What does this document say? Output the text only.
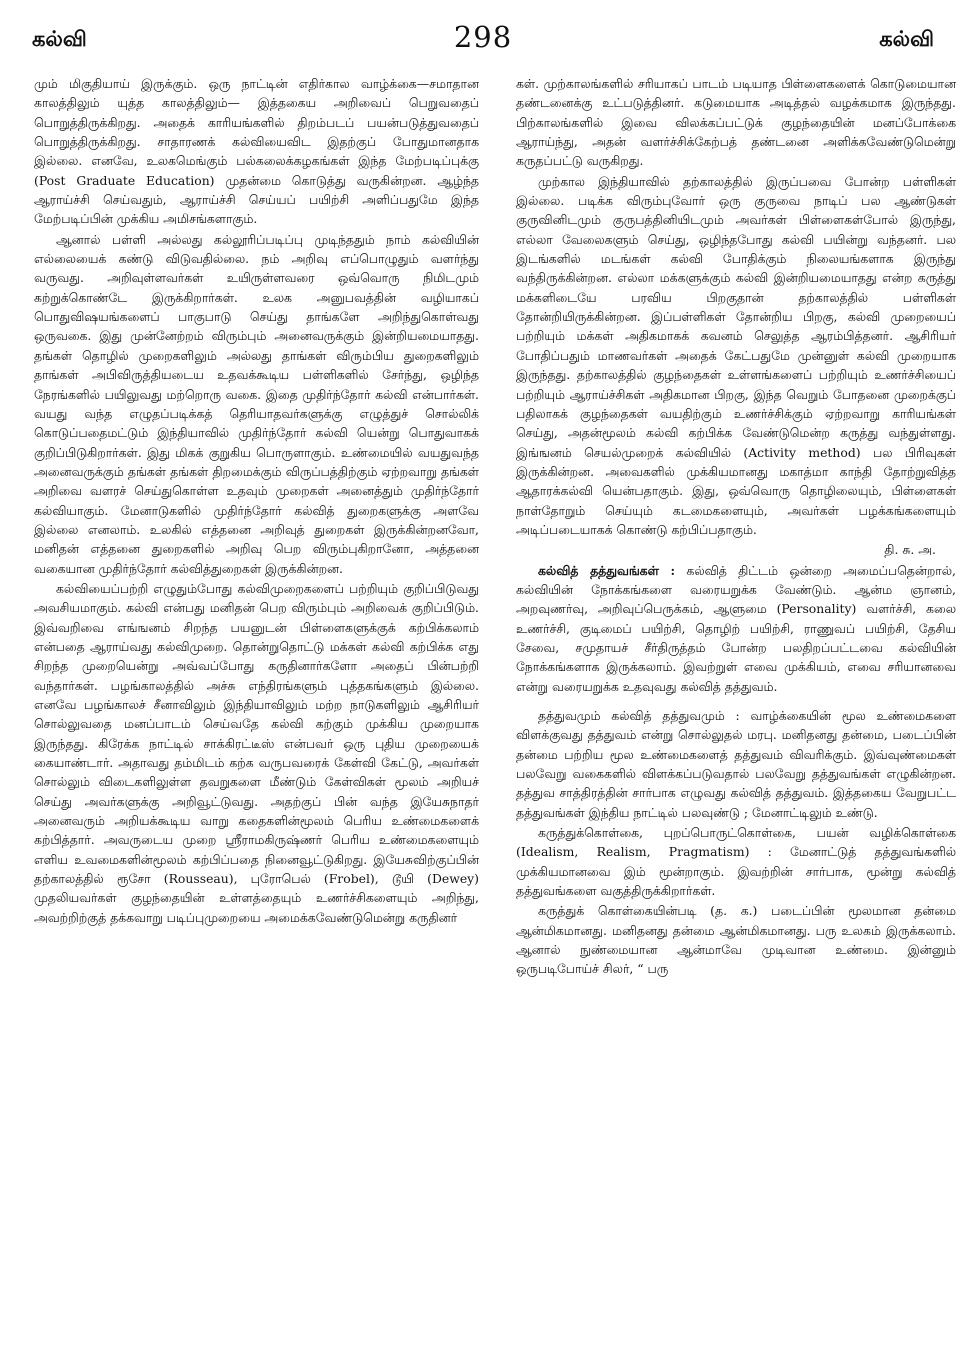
கல்வி	298	கல்வி

மும் மிகுதியாய் இருக்கும். ஒரு நாட்டின் எதிர்கால வாழ்க்கை—சமாதான காலத்திலும் யுத்த காலத்திலும்— இத்தகைய அறிவைப் பெறுவதைப் பொறுத்திருக்கிறது. அதைக் காரியங்களில் திறம்படப் பயன்படுத்துவதைப் பொறுத்திருக்கிறது. சாதாரணக் கல்வியைவிட இதற்குப் போதுமானதாக இல்லை. எனவே, உலகமெங்கும் பல்கலைக்கழகங்கள் இந்த மேற்படிப்புக்கு (Post Graduate Education) முதன்மை கொடுத்து வருகின்றன. ஆழ்ந்த ஆராய்ச்சி செய்வதும், ஆராய்ச்சி செய்யப் பயிற்சி அளிப்பதுமே இந்த மேற்படிப்பின் முக்கிய அமிசங்களாகும்.

ஆனால் பள்ளி அல்லது கல்லூரிப்படிப்பு முடிந்ததும் நாம் கல்வியின் எல்லையைக் கண்டு விடுவதில்லை. நம் அறிவு எப்பொழுதும் வளர்ந்து வருவது. அறிவுள்ளவர்கள் உயிருள்ளவரை ஒவ்வொரு நிமிடமும் கற்றுக்கொண்டே இருக்கிறார்கள். உலக அனுபவத்தின் வழியாகப் பொதுவிஷயங்களைப் பாகுபாடு செய்து தாங்களே அறிந்துகொள்வது ஒருவகை. இது முன்னேற்றம் விரும்பும் அனைவருக்கும் இன்றியமையாதது. தங்கள் தொழில் முறைகளிலும் அல்லது தாங்கள் விரும்பிய துறைகளிலும் தாங்கள் அபிவிருத்தியடைய உதவக்கூடிய பள்ளிகளில் சேர்ந்து, ஒழிந்த நேரங்களில் பயிலுவது மற்றொரு வகை. இதை முதிர்ந்தோர் கல்வி என்பார்கள். வயது வந்த எழுதப்படிக்கத் தெரியாதவர்களுக்கு எழுத்துச் சொல்லிக் கொடுப்பதைமட்டும் இந்தியாவில் முதிர்ந்தோர் கல்வி யென்று பொதுவாகக் குறிப்பிடுகிறார்கள். இது மிகக் குறுகிய பொருளாகும். உண்மையில் வயதுவந்த அனைவருக்கும் தங்கள் தங்கள் திறமைக்கும் விருப்பத்திற்கும் ஏற்றவாறு தங்கள் அறிவை வளரச் செய்துகொள்ள உதவும் முறைகள் அனைத்தும் முதிர்ந்தோர் கல்வியாகும். மேனாடுகளில் முதிர்ந்தோர் கல்வித் துறைகளுக்கு அளவே இல்லை எனலாம். உலகில் எத்தனை அறிவுத் துறைகள் இருக்கின்றனவோ, மனிதன் எத்தனை துறைகளில் அறிவு பெற விரும்புகிறானோ, அத்தனை வகையான முதிர்ந்தோர் கல்வித்துறைகள் இருக்கின்றன.

கல்வியைப்பற்றி எழுதும்போது கல்விமுறைகளைப் பற்றியும் குறிப்பிடுவது அவசியமாகும். கல்வி என்பது மனிதன் பெற விரும்பும் அறிவைக் குறிப்பிடும். இவ்வறிவை எங்ஙனம் சிறந்த பயனுடன் பிள்ளைகளுக்குக் கற்பிக்கலாம் என்பதை ஆராய்வது கல்விமுறை. தொன்றுதொட்டு மக்கள் கல்வி கற்பிக்க எது சிறந்த முறையென்று அவ்வப்போது கருதினார்களோ அதைப் பின்பற்றி வந்தார்கள். பழங்காலத்தில் அச்சு எந்திரங்களும் புத்தகங்களும் இல்லை. எனவே பழங்காலச் சீனாவிலும் இந்தியாவிலும் மற்ற நாடுகளிலும் ஆசிரியர் சொல்லுவதை மனப்பாடம் செய்வதே கல்வி கற்கும் முக்கிய முறையாக இருந்தது. கிரேக்க நாட்டில் சாக்கிரட்டீஸ் என்பவர் ஒரு புதிய முறையைக் கையாண்டார். அதாவது தம்மிடம் கற்க வருபவரைக் கேள்வி கேட்டு, அவர்கள் சொல்லும் விடைகளிலுள்ள தவறுகளை மீண்டும் கேள்விகள் மூலம் அறியச் செய்து அவர்களுக்கு அறிவூட்டுவது. அதற்குப் பின் வந்த இயேசுநாதர் அனைவரும் அறியக்கூடிய வாறு கதைகளின்மூலம் பெரிய உண்மைகளைக் கற்பித்தார். அவருடைய முறை ஸ்ரீராமகிருஷ்ணர் பெரிய உண்மைகளையும் எளிய உவமைகளின்மூலம் கற்பிப்பதை நினைவூட்டுகிறது. இயேசுவிற்குப்பின் தற்காலத்தில் ரூசோ (Rousseau), புரோபெல் (Frobel), டூயி (Dewey) முதலியவர்கள் குழந்தையின் உள்ளத்தையும் உணர்ச்சிகளையும் அறிந்து, அவற்றிற்குத் தக்கவாறு படிப்புமுறையை அமைக்கவேண்டுமென்று கருதினர்

கள். முற்காலங்களில் சரியாகப் பாடம் படியாத பிள்ளைகளைக் கொடுமையான தண்டனைக்கு உட்படுத்தினர். கடுமையாக அடித்தல் வழக்கமாக இருந்தது. பிற்காலங்களில் இவை விலக்கப்பட்டுக் குழந்தையின் மனப்போக்கை ஆராய்ந்து, அதன் வளர்ச்சிக்கேற்பத் தண்டனை அளிக்கவேண்டுமென்று கருதப்பட்டு வருகிறது.

முற்கால இந்தியாவில் தற்காலத்தில் இருப்பவை போன்ற பள்ளிகள் இல்லை. படிக்க விரும்புவோர் ஒரு குருவை நாடிப் பல ஆண்டுகள் குருவினிடமும் குருபத்தினியிடமும் அவர்கள் பிள்ளைகள்போல் இருந்து, எல்லா வேலைகளும் செய்து, ஒழிந்தபோது கல்வி பயின்று வந்தனர். பல இடங்களில் மடங்கள் கல்வி போதிக்கும் நிலையங்களாக இருந்து வந்திருக்கின்றன. எல்லா மக்களுக்கும் கல்வி இன்றியமையாதது என்ற கருத்து மக்களிடையே பரவிய பிறகுதான் தற்காலத்தில் பள்ளிகள் தோன்றியிருக்கின்றன. இப்பள்ளிகள் தோன்றிய பிறகு, கல்வி முறையைப் பற்றியும் மக்கள் அதிகமாகக் கவனம் செலுத்த ஆரம்பித்தனர். ஆசிரியர் போதிப்பதும் மாணவர்கள் அதைக் கேட்பதுமே முன்னுள் கல்வி முறையாக இருந்தது. தற்காலத்தில் குழந்தைகள் உள்ளங்களைப் பற்றியும் உணர்ச்சியைப் பற்றியும் ஆராய்ச்சிகள் அதிகமான பிறகு, இந்த வெறும் போதனை முறைக்குப் பதிலாகக் குழந்தைகள் வயதிற்கும் உணர்ச்சிக்கும் ஏற்றவாறு காரியங்கள் செய்து, அதன்மூலம் கல்வி கற்பிக்க வேண்டுமென்ற கருத்து வந்துள்ளது. இங்ஙனம் செயல்முறைக் கல்வியில் (Activity method) பல பிரிவுகள் இருக்கின்றன. அவைகளில் முக்கியமானது மகாத்மா காந்தி தோற்றுவித்த ஆதாரக்கல்வி யென்பதாகும். இது, ஒவ்வொரு தொழிலையும், பிள்ளைகள் நாள்தோறும் செய்யும் கடமைகளையும், அவர்கள் பழக்கங்களையும் அடிப்படையாகக் கொண்டு கற்பிப்பதாகும்.

தி. சு. அ.

கல்வித் தத்துவங்கள் : கல்வித் திட்டம் ஒன்றை அமைப்பதென்றால், கல்வியின் நோக்கங்களை வரையறுக்க வேண்டும். ஆன்ம ஞானம், அறவுணர்வு, அறிவுப்பெருக்கம், ஆளுமை (Personality) வளர்ச்சி, கலை உணர்ச்சி, குடிமைப் பயிற்சி, தொழிற் பயிற்சி, ராணுவப் பயிற்சி, தேசிய சேவை, சமுதாயச் சீர்திருத்தம் போன்ற பலதிறப்பட்டவை கல்வியின் நோக்கங்களாக இருக்கலாம். இவற்றுள் எவை முக்கியம், எவை சரியானவை என்று வரையறுக்க உதவுவது கல்வித் தத்துவம்.

தத்துவமும் கல்வித் தத்துவமும் : வாழ்க்கையின் மூல உண்மைகளை விளக்குவது தத்துவம் என்று சொல்லுதல் மரபு. மனிதனது தன்மை, படைப்பின் தன்மை பற்றிய மூல உண்மைகளைத் தத்துவம் விவரிக்கும். இவ்வுண்மைகள் பலவேறு வகைகளில் விளக்கப்படுவதால் பலவேறு தத்துவங்கள் எழுகின்றன. தத்துவ சாத்திரத்தின் சார்பாக எழுவது கல்வித் தத்துவம். இத்தகைய வேறுபட்ட தத்துவங்கள் இந்திய நாட்டில் பலவுண்டு ; மேனாட்டிலும் உண்டு.

கருத்துக்கொள்கை, புறப்பொருட்கொள்கை, பயன் வழிக்கொள்கை (Idealism, Realism, Pragmatism) : மேனாட்டுத் தத்துவங்களில் முக்கியமானவை இம் மூன்றாகும். இவற்றின் சார்பாக, மூன்று கல்வித் தத்துவங்களை வகுத்திருக்கிறார்கள்.

கருத்துக் கொள்கையின்படி (த. க.) படைப்பின் மூலமான தன்மை ஆன்மிகமானது. மனிதனது தன்மை ஆன்மிகமானது. பரு உலகம் இருக்கலாம். ஆனால் நுண்மையான ஆன்மாவே முடிவான உண்மை. இன்னும் ஒருபடிபோய்ச் சிலர், “ பரு
